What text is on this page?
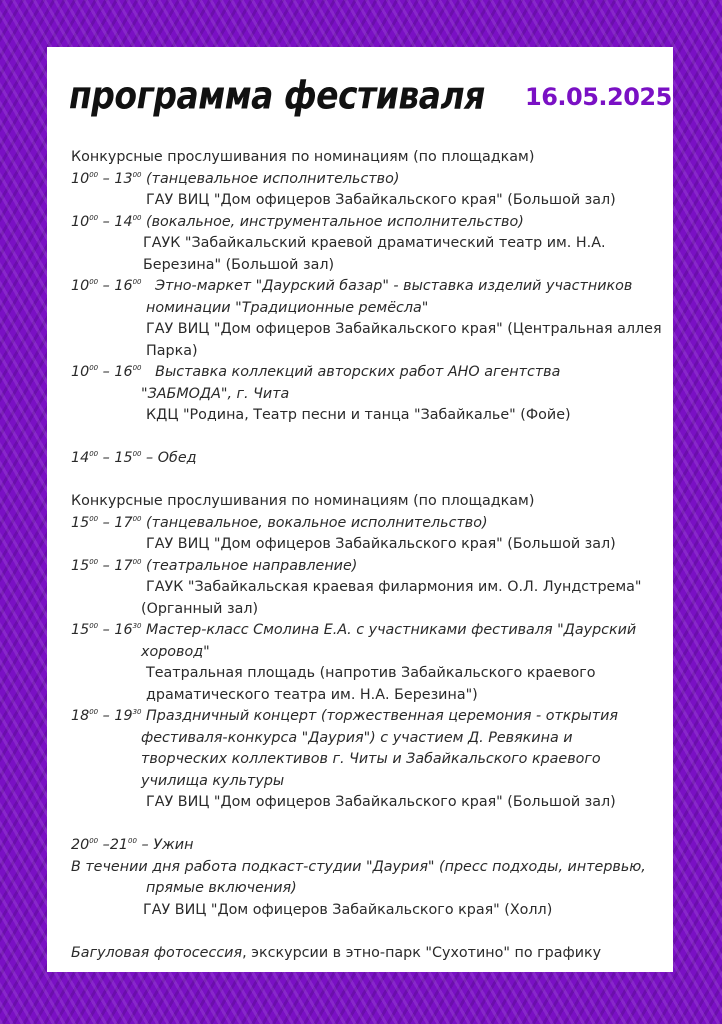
программа фестиваля 16.05.2025
Конкурсные прослушивания по номинациям (по площадкам)
$10^{00} - 13^{00}$ (танцевальное исполнительство)
ГАУ ВИЦ "Дом офицеров Забайкальского края" (Большой зал)
$10^{00} - 14^{00}$ (вокальное, инструментальное исполнительство)
ГАУК "Забайкальский краевой драматический театр им. Н.А.
Березина" (Большой зал)
$10^{00} - 16^{00}$ Этно-маркет "Даурский базар" - выставка изделий участников
номинации "Традиционные ремёсла"
ГАУ ВИЦ "Дом офицеров Забайкальского края" (Центральная аллея
Парка)
$10^{00} - 16^{00}$ Выставка коллекций авторских работ АНО агентства
"ЗАБМОДА", г. Чита
КДЦ "Родина, Театр песни и танца "Забайкалье" (Фойе)
$14^{00} - 15^{00}$ – Обед
Конкурсные прослушивания по номинациям (по площадкам)
$15^{00} - 17^{00}$ (танцевальное, вокальное исполнительство)
ГАУ ВИЦ "Дом офицеров Забайкальского края" (Большой зал)
$15^{00} - 17^{00}$ (театральное направление)
ГАУК "Забайкальская краевая филармония им. О.Л. Лундстрема"
(Органный зал)
$15^{00} - 16^{30}$ Мастер-класс Смолина Е.А. с участниками фестиваля "Даурский
хоровод"
Театральная площадь (напротив Забайкальского краевого
драматического театра им. Н.А. Березина")
$18^{00} - 19^{30}$ Праздничный концерт (торжественная церемония - открытия
фестиваля-конкурса "Даурия") с участием Д. Ревякина и
творческих коллективов г. Читы и Забайкальского краевого
училища культуры
ГАУ ВИЦ "Дом офицеров Забайкальского края" (Большой зал)
$20^{00}$ $-21^{00}$ – Ужин
В течении дня работа подкаст-студии "Даурия" (пресс подходы, интервью,
прямые включения)
ГАУ ВИЦ "Дом офицеров Забайкальского края" (Холл)
Багуловая фотосессия, экскурсии в этно-парк "Сухотино" по графику
